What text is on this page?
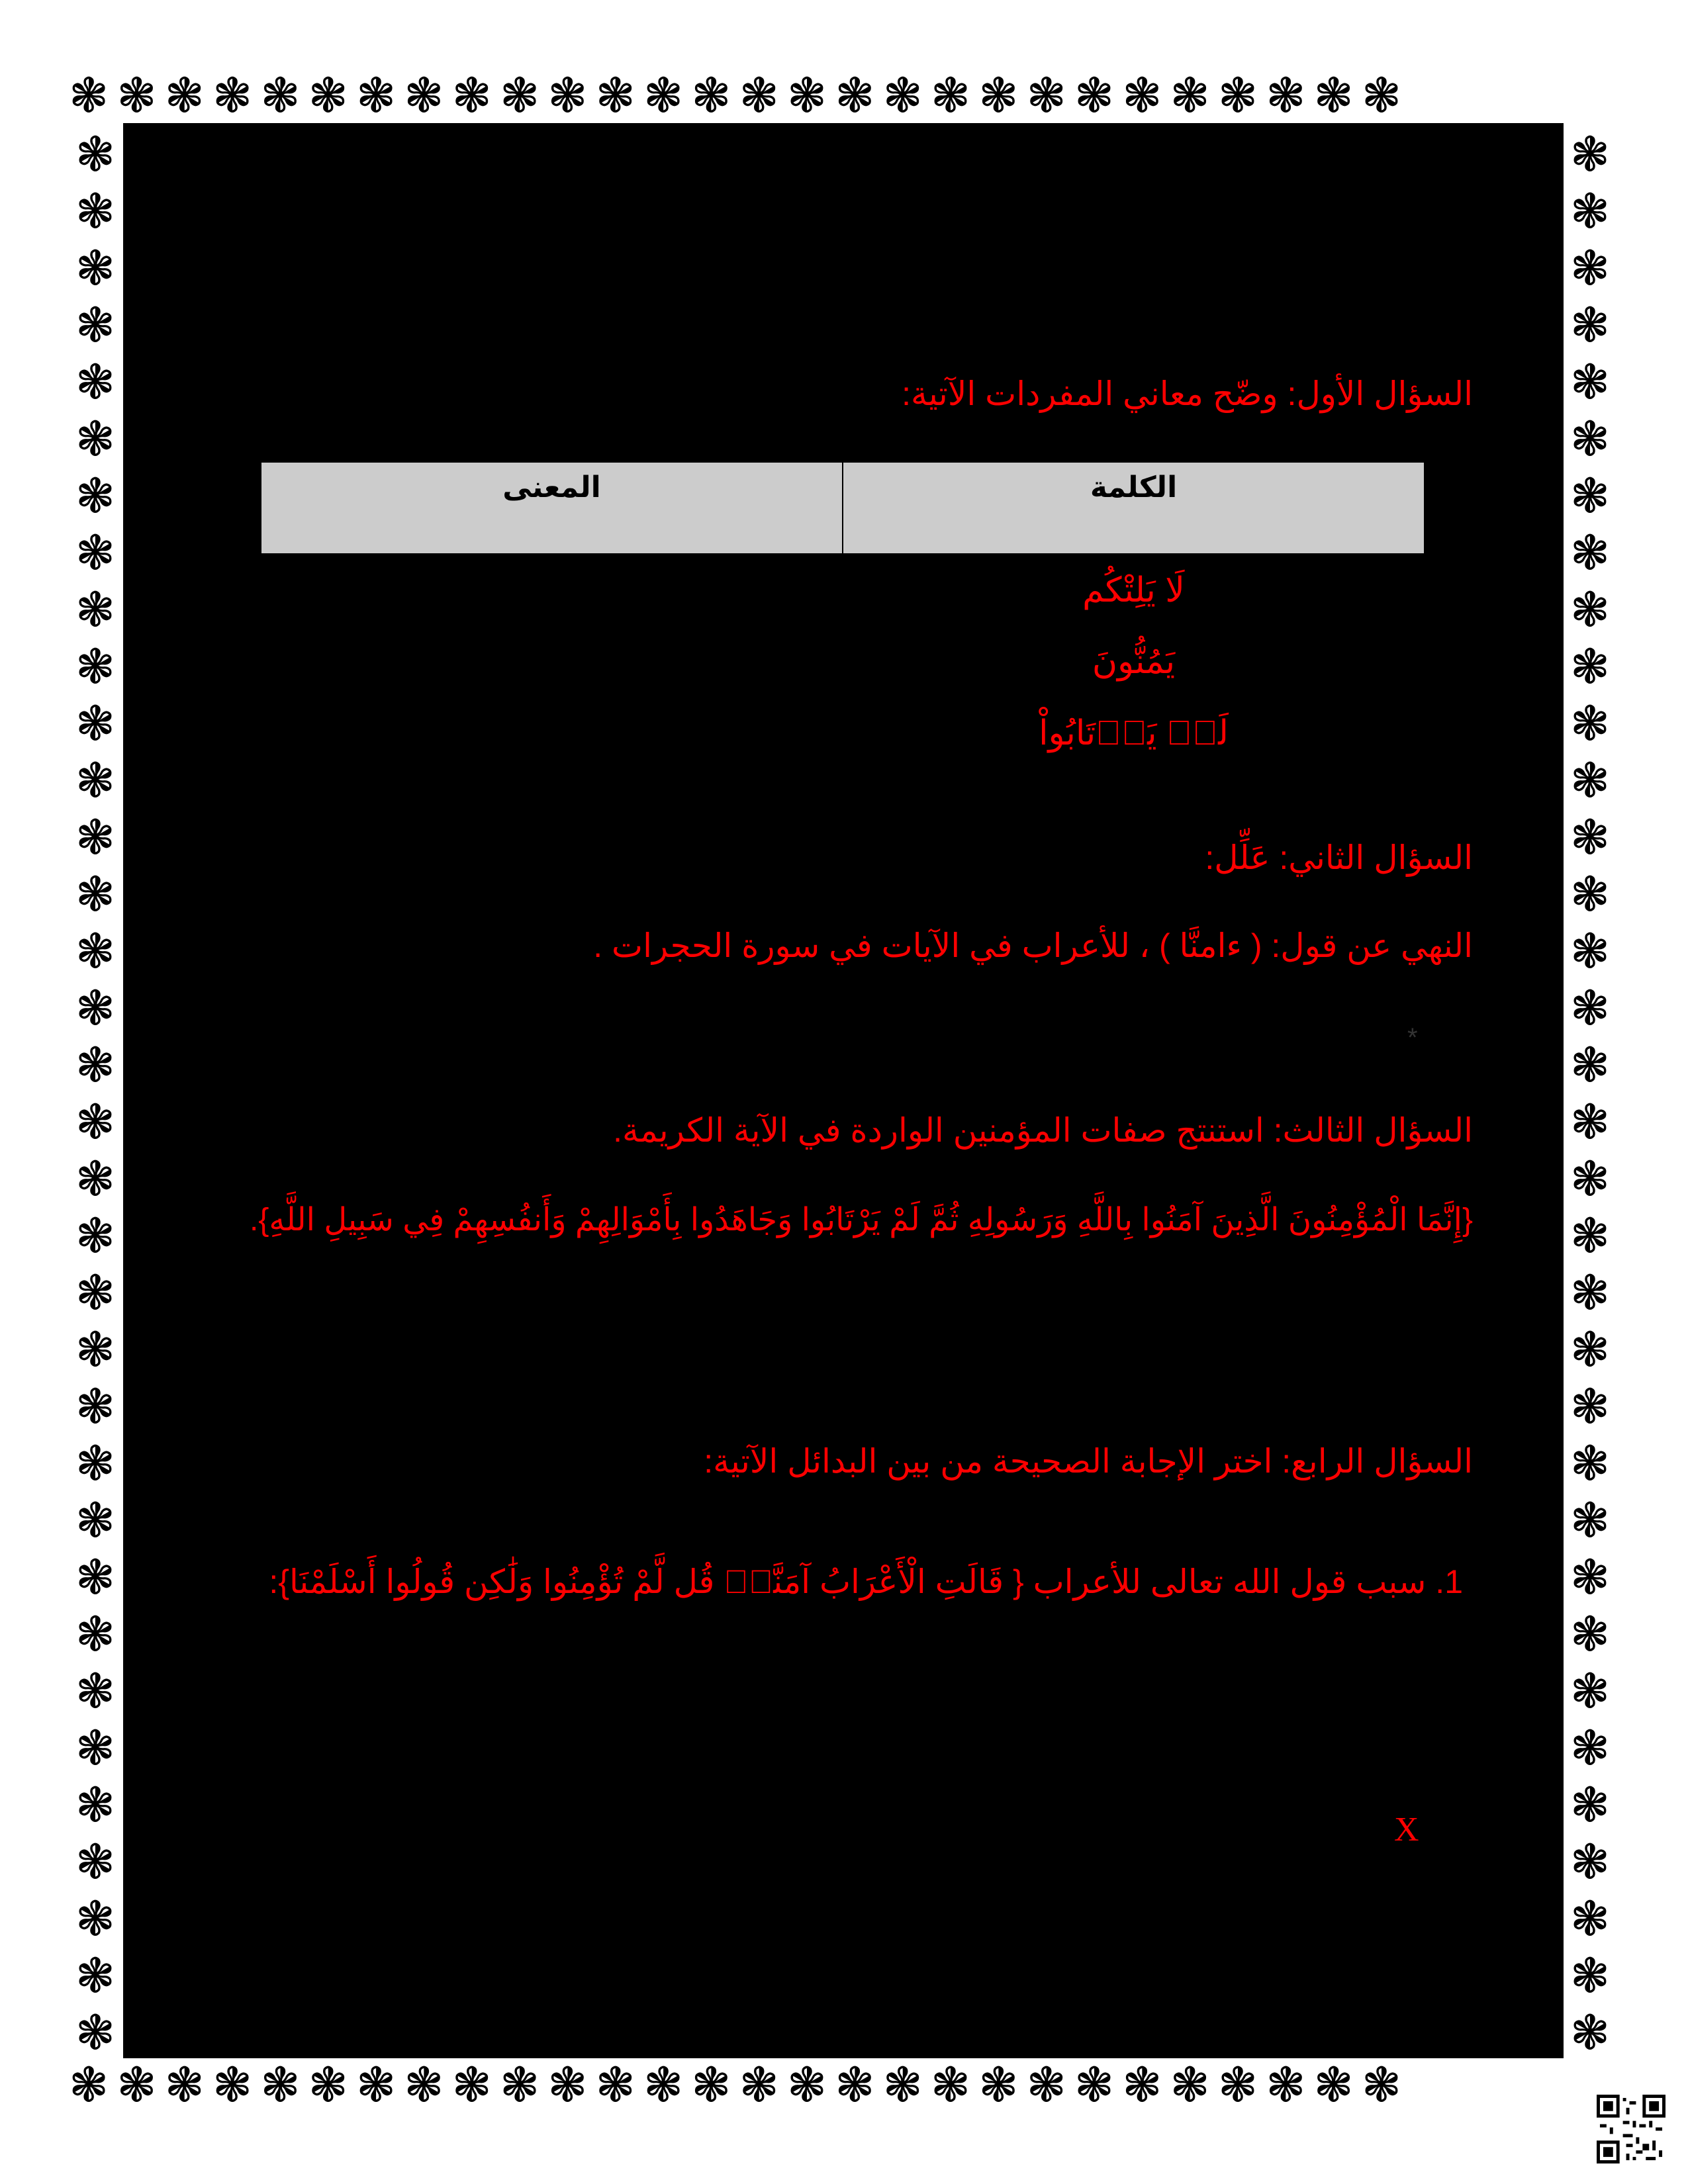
❃❃❃❃❃❃❃❃❃❃❃❃❃❃❃❃❃❃❃❃❃❃❃❃❃❃❃❃
❃❃❃❃❃❃❃❃❃❃❃❃❃❃❃❃❃❃❃❃❃❃❃❃❃❃❃❃
❃❃❃❃❃❃❃❃❃❃❃❃❃❃❃❃❃❃❃❃❃❃❃❃❃❃❃❃❃❃❃❃❃❃
❃❃❃❃❃❃❃❃❃❃❃❃❃❃❃❃❃❃❃❃❃❃❃❃❃❃❃❃❃❃❃❃❃❃
السؤال الأول: وضّح معاني المفردات الآتية:
الكلمة	المعنى
لَا يَلِتْكُم	
يَمُنُّونَ	
لَمۡ يَرۡتَابُواْ	
السؤال الثاني: عَلِّل:
النهي عن قول: ( ءامنَّا ) ، للأعراب في الآيات في سورة الحجرات .
*
السؤال الثالث: استنتج صفات المؤمنين الواردة في الآية الكريمة.
{إِنَّمَا الْمُؤْمِنُونَ الَّذِينَ آمَنُوا بِاللَّهِ وَرَسُولِهِ ثُمَّ لَمْ يَرْتَابُوا وَجَاهَدُوا بِأَمْوَالِهِمْ وَأَنفُسِهِمْ فِي سَبِيلِ اللَّهِ}.
السؤال الرابع: اختر الإجابة الصحيحة من بين البدائل الآتية:
1. سبب قول الله تعالى للأعراب { قَالَتِ الْأَعْرَابُ آمَنَّاۖ قُل لَّمْ تُؤْمِنُوا وَلَٰكِن قُولُوا أَسْلَمْنَا}:
X
